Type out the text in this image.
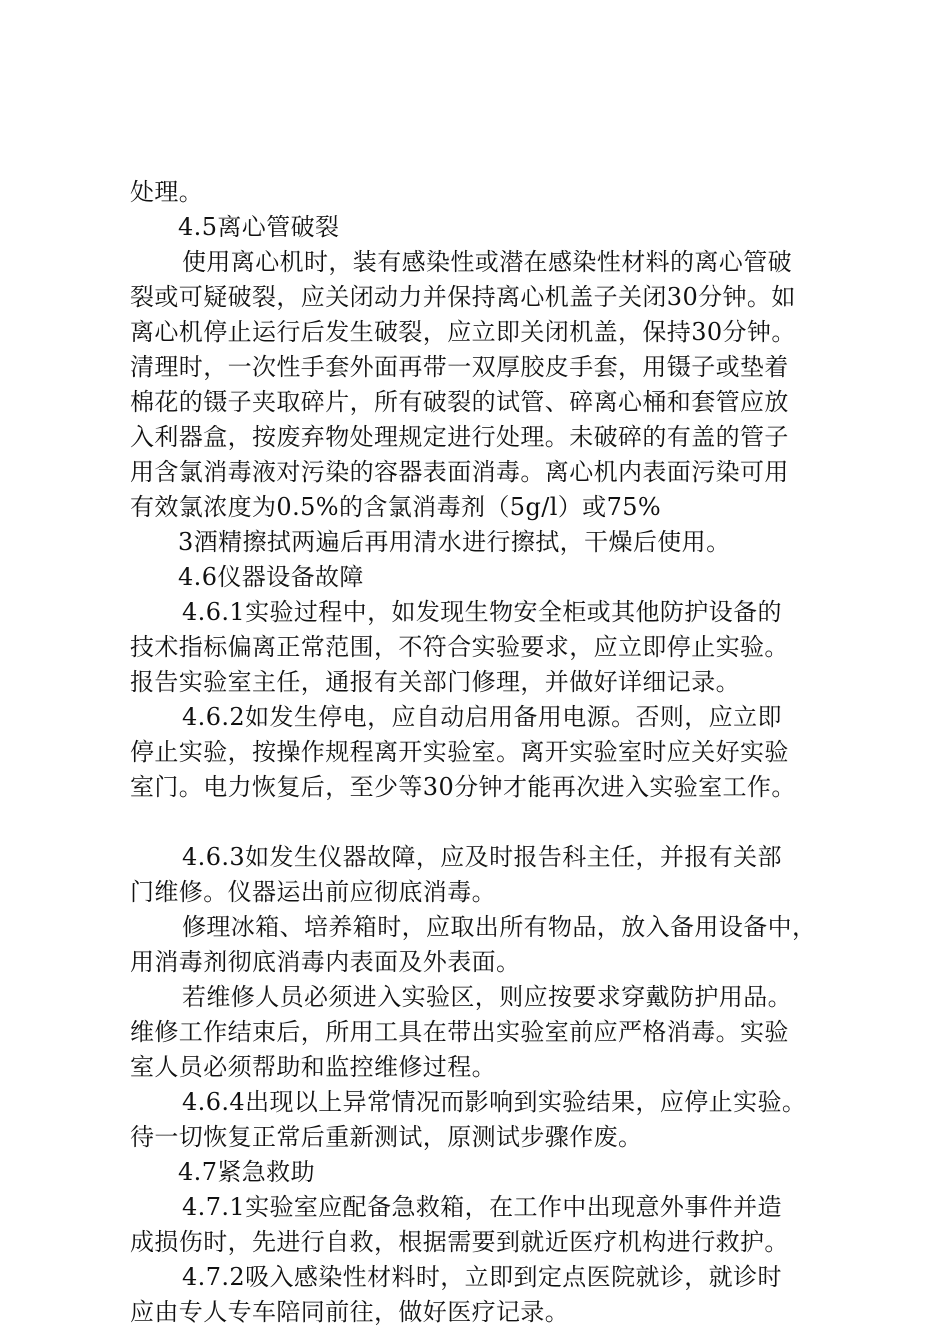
处理。
4.5离心管破裂
使用离心机时，装有感染性或潜在感染性材料的离心管破
裂或可疑破裂，应关闭动力并保持离心机盖子关闭30分钟。如
离心机停止运行后发生破裂，应立即关闭机盖，保持30分钟。
清理时，一次性手套外面再带一双厚胶皮手套，用镊子或垫着
棉花的镊子夹取碎片，所有破裂的试管、碎离心桶和套管应放
入利器盒，按废弃物处理规定进行处理。未破碎的有盖的管子
用含氯消毒液对污染的容器表面消毒。离心机内表面污染可用
有效氯浓度为0.5%的含氯消毒剂（5g/l）或75%
3酒精擦拭两遍后再用清水进行擦拭，干燥后使用。
4.6仪器设备故障
4.6.1实验过程中，如发现生物安全柜或其他防护设备的
技术指标偏离正常范围，不符合实验要求，应立即停止实验。
报告实验室主任，通报有关部门修理，并做好详细记录。
4.6.2如发生停电，应自动启用备用电源。否则，应立即
停止实验，按操作规程离开实验室。离开实验室时应关好实验
室门。电力恢复后，至少等30分钟才能再次进入实验室工作。
4.6.3如发生仪器故障，应及时报告科主任，并报有关部
门维修。仪器运出前应彻底消毒。
修理冰箱、培养箱时，应取出所有物品，放入备用设备中，
用消毒剂彻底消毒内表面及外表面。
若维修人员必须进入实验区，则应按要求穿戴防护用品。
维修工作结束后，所用工具在带出实验室前应严格消毒。实验
室人员必须帮助和监控维修过程。
4.6.4出现以上异常情况而影响到实验结果，应停止实验。
待一切恢复正常后重新测试，原测试步骤作废。
4.7紧急救助
4.7.1实验室应配备急救箱，在工作中出现意外事件并造
成损伤时，先进行自救，根据需要到就近医疗机构进行救护。
4.7.2吸入感染性材料时，立即到定点医院就诊，就诊时
应由专人专车陪同前往，做好医疗记录。
